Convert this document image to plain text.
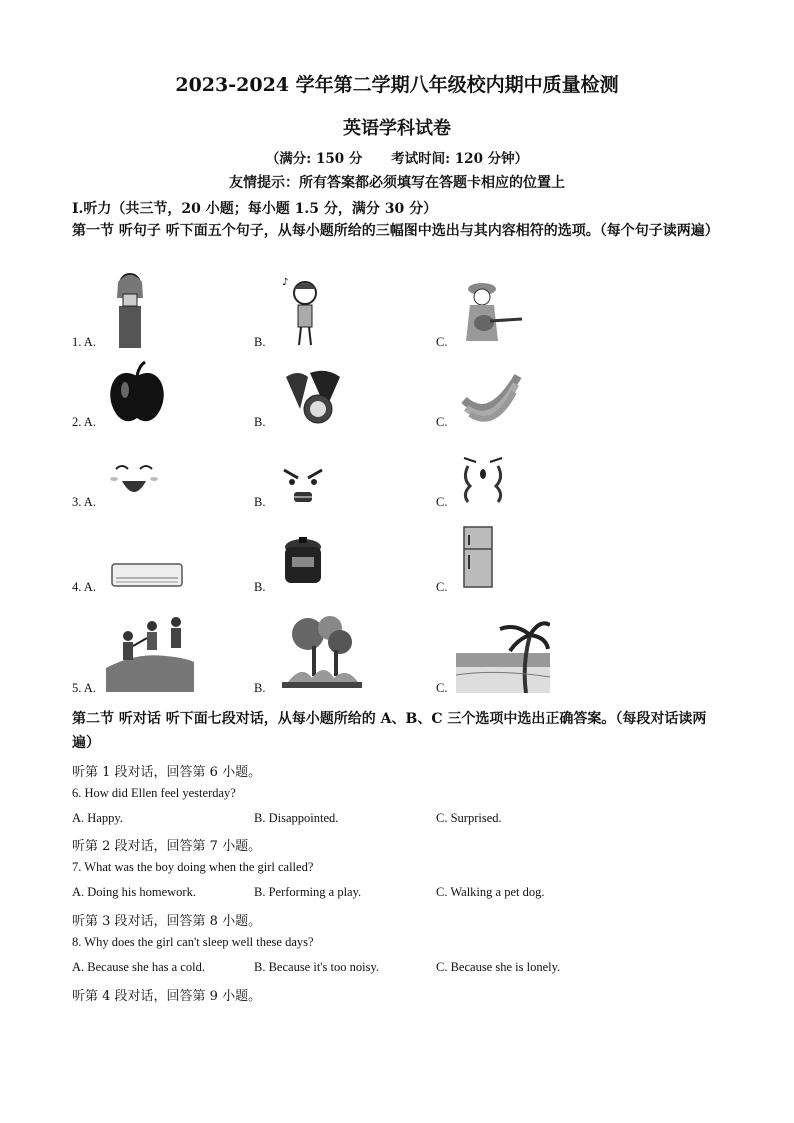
2023-2024 学年第二学期八年级校内期中质量检测
英语学科试卷
（满分: 150 分 考试时间: 120 分钟）
友情提示：所有答案都必须填写在答题卡相应的位置上
I.听力（共三节，20 小题；每小题 1.5 分，满分 30 分）
第一节 听句子 听下面五个句子，从每小题所给的三幅图中选出与其内容相符的选项。（每个句子读两遍）
1. A.	B.	C.
♪
2. A.	B.	C.
3. A.	B.	C.
4. A.	B.	C.
5. A.	B.	C.
第二节 听对话 听下面七段对话，从每小题所给的 A、B、C 三个选项中选出正确答案。（每段对话读两遍）
听第 1 段对话，回答第 6 小题。
6. How did Ellen feel yesterday?
A. Happy.	B. Disappointed.	C. Surprised.
听第 2 段对话，回答第 7 小题。
7. What was the boy doing when the girl called?
A. Doing his homework.	B. Performing a play.	C. Walking a pet dog.
听第 3 段对话，回答第 8 小题。
8. Why does the girl can't sleep well these days?
A. Because she has a cold.	B. Because it's too noisy.	C. Because she is lonely.
听第 4 段对话，回答第 9 小题。
